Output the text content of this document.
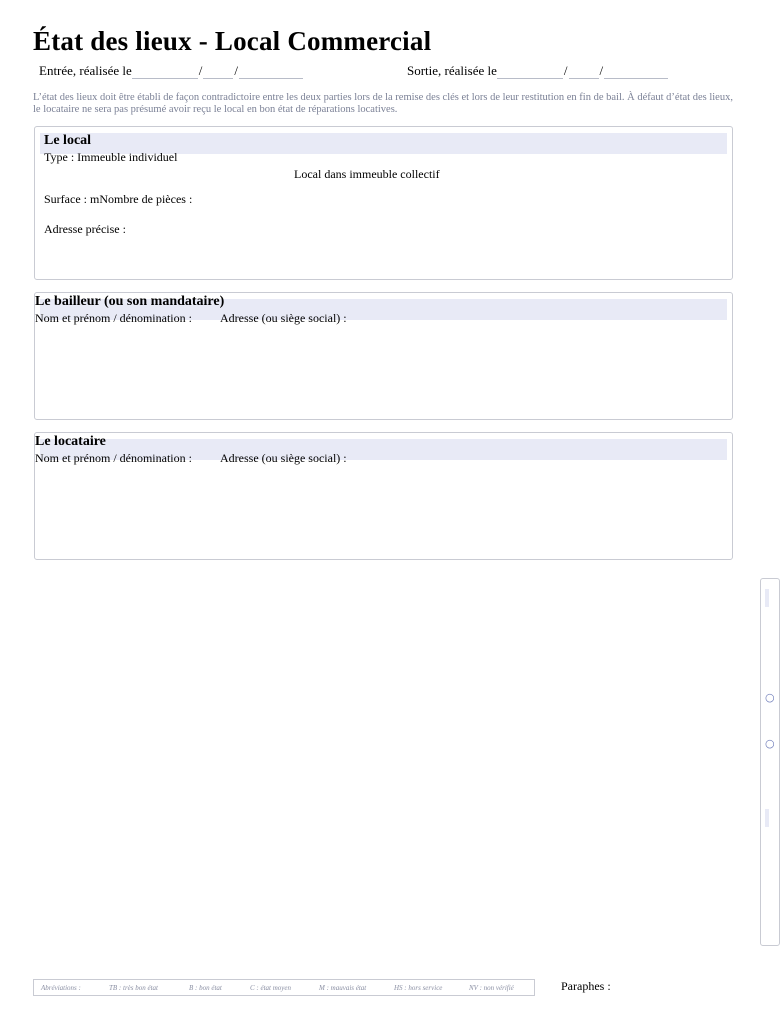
État des lieux - Local Commercial
Entrée, réalisée le	/ /	Sortie, réalisée le	/ /

L’état des lieux doit être établi de façon contradictoire entre les deux parties lors de la remise des clés et lors de leur restitution en fin de bail. À défaut d’état des lieux, le locataire ne sera pas présumé avoir reçu le local en bon état de réparations locatives.

Le local
Type : Immeuble individuel
Local dans immeuble collectif
Surface : mNombre de pièces :
Adresse précise :
Le bailleur (ou son mandataire)
Nom et prénom / dénomination : Adresse (ou siège social) :
Le locataire
Nom et prénom / dénomination : Adresse (ou siège social) :
○
○
Abréviations :	TB : très bon état	B : bon état	C : état moyen	M : mauvais état	HS : hors service	NV : non vérifié	Paraphes :
